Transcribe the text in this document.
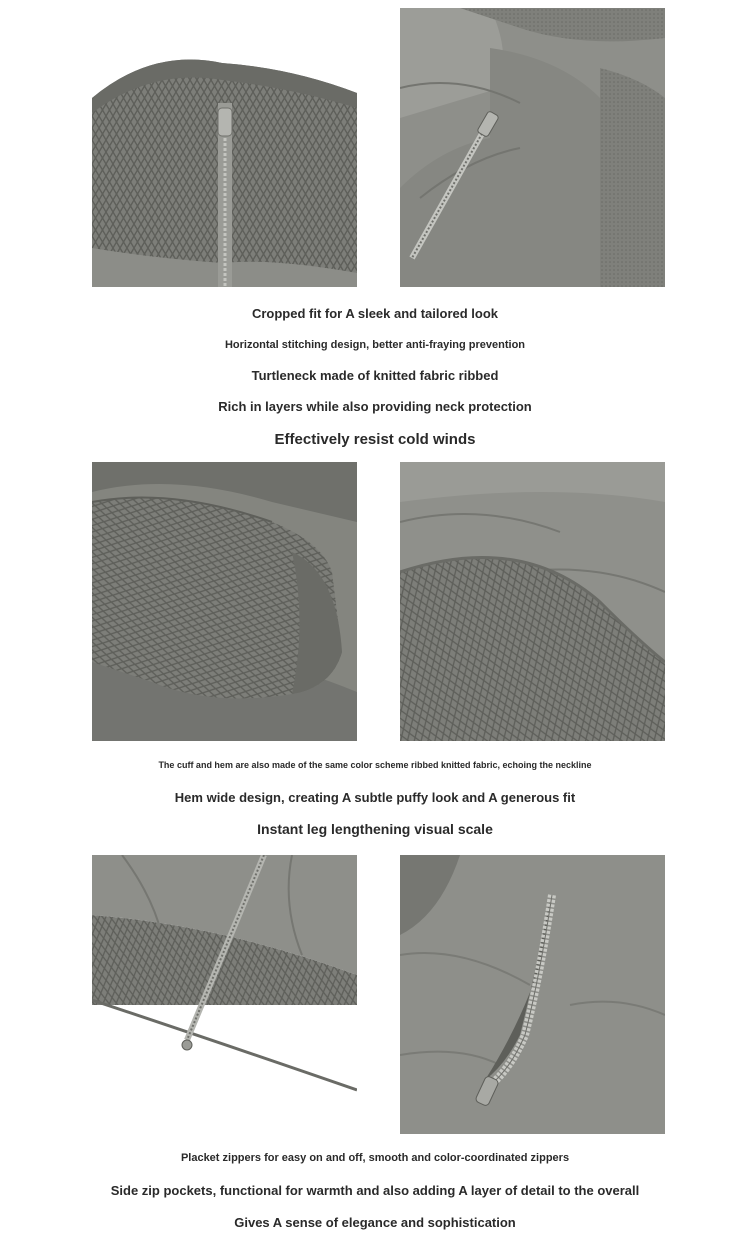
Cropped fit for A sleek and tailored look
Horizontal stitching design, better anti-fraying prevention
Turtleneck made of knitted fabric ribbed
Rich in layers while also providing neck protection
Effectively resist cold winds
The cuff and hem are also made of the same color scheme ribbed knitted fabric, echoing the neckline
Hem wide design, creating A subtle puffy look and A generous fit
Instant leg lengthening visual scale
Placket zippers for easy on and off, smooth and color-coordinated zippers
Side zip pockets, functional for warmth and also adding A layer of detail to the overall
Gives A sense of elegance and sophistication
